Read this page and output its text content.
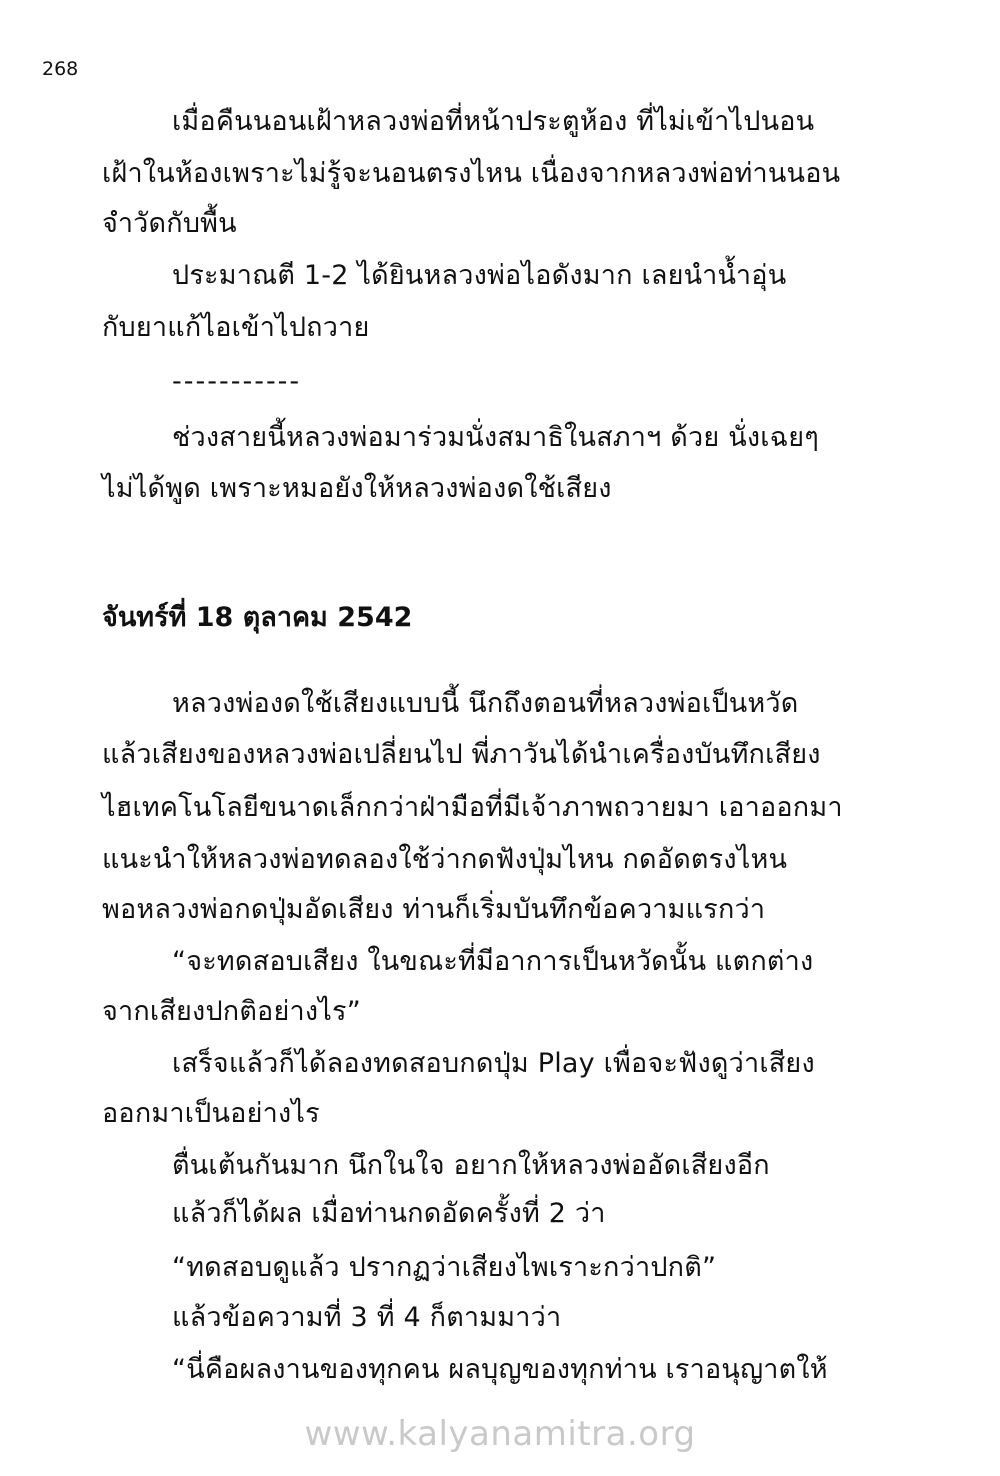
268
เมื่อคืนนอนเฝ้าหลวงพ่อที่หน้าประตูห้อง ที่ไม่เข้าไปนอน
เฝ้าในห้องเพราะไม่รู้จะนอนตรงไหน เนื่องจากหลวงพ่อท่านนอน
จำวัดกับพื้น
ประมาณตี 1-2 ได้ยินหลวงพ่อไอดังมาก เลยนำน้ำอุ่น
กับยาแก้ไอเข้าไปถวาย
-----------
ช่วงสายนี้หลวงพ่อมาร่วมนั่งสมาธิในสภาฯ ด้วย นั่งเฉยๆ
ไม่ได้พูด เพราะหมอยังให้หลวงพ่องดใช้เสียง
จันทร์ที่ 18 ตุลาคม 2542
หลวงพ่องดใช้เสียงแบบนี้ นึกถึงตอนที่หลวงพ่อเป็นหวัด
แล้วเสียงของหลวงพ่อเปลี่ยนไป พี่ภาวันได้นำเครื่องบันทึกเสียง
ไฮเทคโนโลยีขนาดเล็กกว่าฝ่ามือที่มีเจ้าภาพถวายมา เอาออกมา
แนะนำให้หลวงพ่อทดลองใช้ว่ากดฟังปุ่มไหน กดอัดตรงไหน
พอหลวงพ่อกดปุ่มอัดเสียง ท่านก็เริ่มบันทึกข้อความแรกว่า
“จะทดสอบเสียง ในขณะที่มีอาการเป็นหวัดนั้น แตกต่าง
จากเสียงปกติอย่างไร”
เสร็จแล้วก็ได้ลองทดสอบกดปุ่ม Play เพื่อจะฟังดูว่าเสียง
ออกมาเป็นอย่างไร
ตื่นเต้นกันมาก นึกในใจ อยากให้หลวงพ่ออัดเสียงอีก
แล้วก็ได้ผล เมื่อท่านกดอัดครั้งที่ 2 ว่า
“ทดสอบดูแล้ว ปรากฏว่าเสียงไพเราะกว่าปกติ”
แล้วข้อความที่ 3 ที่ 4 ก็ตามมาว่า
“นี่คือผลงานของทุกคน ผลบุญของทุกท่าน เราอนุญาตให้
www.kalyanamitra.org
